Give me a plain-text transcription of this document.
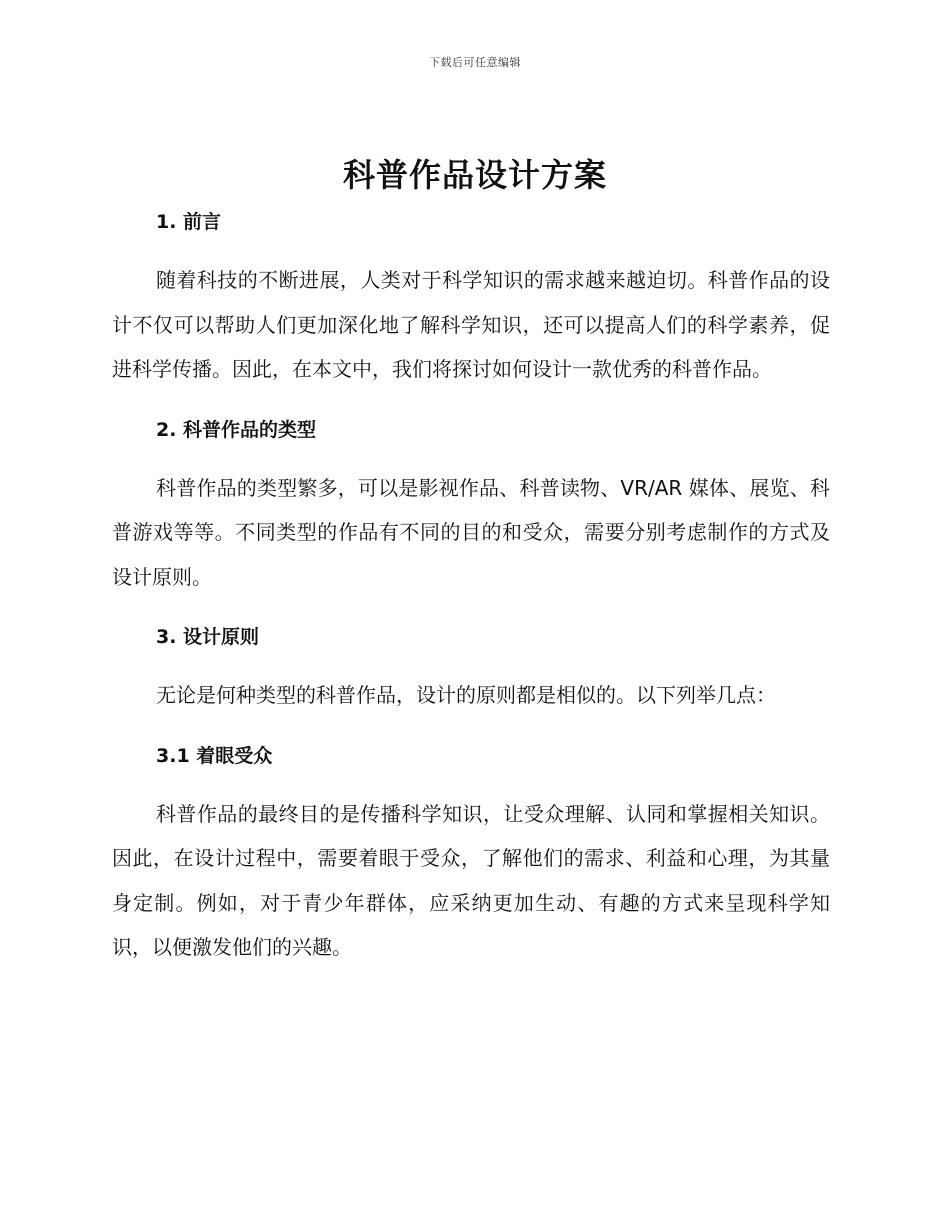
下载后可任意编辑
科普作品设计方案
1. 前言

随着科技的不断进展，人类对于科学知识的需求越来越迫切。科普作品的设计不仅可以帮助人们更加深化地了解科学知识，还可以提高人们的科学素养，促进科学传播。因此，在本文中，我们将探讨如何设计一款优秀的科普作品。

2. 科普作品的类型

科普作品的类型繁多，可以是影视作品、科普读物、VR/AR 媒体、展览、科普游戏等等。不同类型的作品有不同的目的和受众，需要分别考虑制作的方式及设计原则。

3. 设计原则

无论是何种类型的科普作品，设计的原则都是相似的。以下列举几点：

3.1 着眼受众

科普作品的最终目的是传播科学知识，让受众理解、认同和掌握相关知识。因此，在设计过程中，需要着眼于受众，了解他们的需求、利益和心理，为其量身定制。例如，对于青少年群体，应采纳更加生动、有趣的方式来呈现科学知识，以便激发他们的兴趣。
